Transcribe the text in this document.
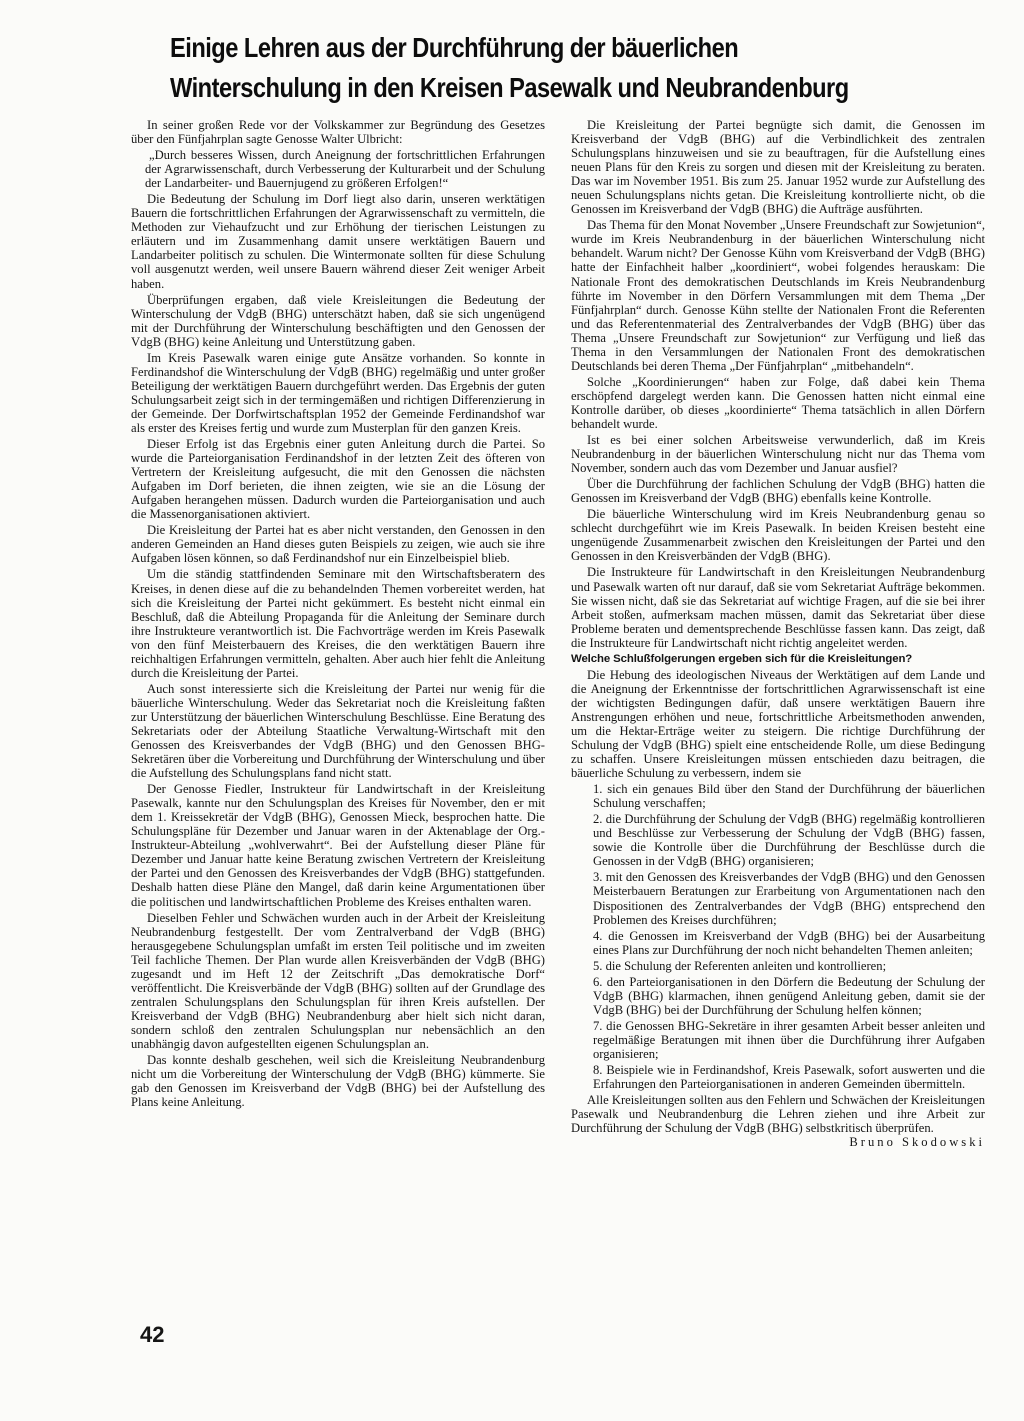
Einige Lehren aus der Durchführung der bäuerlichen
Winterschulung in den Kreisen Pasewalk und Neubrandenburg

In seiner großen Rede vor der Volkskammer zur Begründung des Gesetzes über den Fünfjahrplan sagte Genosse Walter Ulbricht:

„Durch besseres Wissen, durch Aneignung der fortschrittlichen Erfahrungen der Agrarwissenschaft, durch Verbesserung der Kulturarbeit und der Schulung der Landarbeiter- und Bauernjugend zu größeren Erfolgen!“

Die Bedeutung der Schulung im Dorf liegt also darin, unseren werktätigen Bauern die fortschrittlichen Erfahrungen der Agrarwissenschaft zu vermitteln, die Methoden zur Viehaufzucht und zur Erhöhung der tierischen Leistungen zu erläutern und im Zusammenhang damit unsere werktätigen Bauern und Landarbeiter politisch zu schulen. Die Wintermonate sollten für diese Schulung voll ausgenutzt werden, weil unsere Bauern während dieser Zeit weniger Arbeit haben.

Überprüfungen ergaben, daß viele Kreisleitungen die Bedeutung der Winterschulung der VdgB (BHG) unterschätzt haben, daß sie sich ungenügend mit der Durchführung der Winterschulung beschäftigten und den Genossen der VdgB (BHG) keine Anleitung und Unterstützung gaben.

Im Kreis Pasewalk waren einige gute Ansätze vorhanden. So konnte in Ferdinandshof die Winterschulung der VdgB (BHG) regelmäßig und unter großer Beteiligung der werktätigen Bauern durchgeführt werden. Das Ergebnis der guten Schulungsarbeit zeigt sich in der termingemäßen und richtigen Differenzierung in der Gemeinde. Der Dorfwirtschaftsplan 1952 der Gemeinde Ferdinandshof war als erster des Kreises fertig und wurde zum Musterplan für den ganzen Kreis.

Dieser Erfolg ist das Ergebnis einer guten Anleitung durch die Partei. So wurde die Parteiorganisation Ferdinandshof in der letzten Zeit des öfteren von Vertretern der Kreisleitung aufgesucht, die mit den Genossen die nächsten Aufgaben im Dorf berieten, die ihnen zeigten, wie sie an die Lösung der Aufgaben herangehen müssen. Dadurch wurden die Parteiorganisation und auch die Massenorganisationen aktiviert.

Die Kreisleitung der Partei hat es aber nicht verstanden, den Genossen in den anderen Gemeinden an Hand dieses guten Beispiels zu zeigen, wie auch sie ihre Aufgaben lösen können, so daß Ferdinandshof nur ein Einzelbeispiel blieb.

Um die ständig stattfindenden Seminare mit den Wirtschaftsberatern des Kreises, in denen diese auf die zu behandelnden Themen vorbereitet werden, hat sich die Kreisleitung der Partei nicht gekümmert. Es besteht nicht einmal ein Beschluß, daß die Abteilung Propaganda für die Anleitung der Seminare durch ihre Instrukteure verantwortlich ist. Die Fachvorträge werden im Kreis Pasewalk von den fünf Meisterbauern des Kreises, die den werktätigen Bauern ihre reichhaltigen Erfahrungen vermitteln, gehalten. Aber auch hier fehlt die Anleitung durch die Kreisleitung der Partei.

Auch sonst interessierte sich die Kreisleitung der Partei nur wenig für die bäuerliche Winterschulung. Weder das Sekretariat noch die Kreisleitung faßten zur Unterstützung der bäuerlichen Winterschulung Beschlüsse. Eine Beratung des Sekretariats oder der Abteilung Staatliche Verwaltung-Wirtschaft mit den Genossen des Kreisverbandes der VdgB (BHG) und den Genossen BHG-Sekretären über die Vorbereitung und Durchführung der Winterschulung und über die Aufstellung des Schulungsplans fand nicht statt.

Der Genosse Fiedler, Instrukteur für Landwirtschaft in der Kreisleitung Pasewalk, kannte nur den Schulungsplan des Kreises für November, den er mit dem 1. Kreissekretär der VdgB (BHG), Genossen Mieck, besprochen hatte. Die Schulungspläne für Dezember und Januar waren in der Aktenablage der Org.-Instrukteur-Abteilung „wohlverwahrt“. Bei der Aufstellung dieser Pläne für Dezember und Januar hatte keine Beratung zwischen Vertretern der Kreisleitung der Partei und den Genossen des Kreisverbandes der VdgB (BHG) stattgefunden. Deshalb hatten diese Pläne den Mangel, daß darin keine Argumentationen über die politischen und landwirtschaftlichen Probleme des Kreises enthalten waren.

Dieselben Fehler und Schwächen wurden auch in der Arbeit der Kreisleitung Neubrandenburg festgestellt. Der vom Zentralverband der VdgB (BHG) herausgegebene Schulungsplan umfaßt im ersten Teil politische und im zweiten Teil fachliche Themen. Der Plan wurde allen Kreisverbänden der VdgB (BHG) zugesandt und im Heft 12 der Zeitschrift „Das demokratische Dorf“ veröffentlicht. Die Kreisverbände der VdgB (BHG) sollten auf der Grundlage des zentralen Schulungsplans den Schulungsplan für ihren Kreis aufstellen. Der Kreisverband der VdgB (BHG) Neubrandenburg aber hielt sich nicht daran, sondern schloß den zentralen Schulungsplan nur nebensächlich an den unabhängig davon aufgestellten eigenen Schulungsplan an.

Das konnte deshalb geschehen, weil sich die Kreisleitung Neubrandenburg nicht um die Vorbereitung der Winterschulung der VdgB (BHG) kümmerte. Sie gab den Genossen im Kreisverband der VdgB (BHG) bei der Aufstellung des Plans keine Anleitung.

Die Kreisleitung der Partei begnügte sich damit, die Genossen im Kreisverband der VdgB (BHG) auf die Verbindlichkeit des zentralen Schulungsplans hinzuweisen und sie zu beauftragen, für die Aufstellung eines neuen Plans für den Kreis zu sorgen und diesen mit der Kreisleitung zu beraten. Das war im November 1951. Bis zum 25. Januar 1952 wurde zur Aufstellung des neuen Schulungsplans nichts getan. Die Kreisleitung kontrollierte nicht, ob die Genossen im Kreisverband der VdgB (BHG) die Aufträge ausführten.

Das Thema für den Monat November „Unsere Freundschaft zur Sowjetunion“, wurde im Kreis Neubrandenburg in der bäuerlichen Winterschulung nicht behandelt. Warum nicht? Der Genosse Kühn vom Kreisverband der VdgB (BHG) hatte der Einfachheit halber „koordiniert“, wobei folgendes herauskam: Die Nationale Front des demokratischen Deutschlands im Kreis Neubrandenburg führte im November in den Dörfern Versammlungen mit dem Thema „Der Fünfjahrplan“ durch. Genosse Kühn stellte der Nationalen Front die Referenten und das Referentenmaterial des Zentralverbandes der VdgB (BHG) über das Thema „Unsere Freundschaft zur Sowjetunion“ zur Verfügung und ließ das Thema in den Versammlungen der Nationalen Front des demokratischen Deutschlands bei deren Thema „Der Fünfjahrplan“ „mitbehandeln“.

Solche „Koordinierungen“ haben zur Folge, daß dabei kein Thema erschöpfend dargelegt werden kann. Die Genossen hatten nicht einmal eine Kontrolle darüber, ob dieses „koordinierte“ Thema tatsächlich in allen Dörfern behandelt wurde.

Ist es bei einer solchen Arbeitsweise verwunderlich, daß im Kreis Neubrandenburg in der bäuerlichen Winterschulung nicht nur das Thema vom November, sondern auch das vom Dezember und Januar ausfiel?

Über die Durchführung der fachlichen Schulung der VdgB (BHG) hatten die Genossen im Kreisverband der VdgB (BHG) ebenfalls keine Kontrolle.

Die bäuerliche Winterschulung wird im Kreis Neubrandenburg genau so schlecht durchgeführt wie im Kreis Pasewalk. In beiden Kreisen besteht eine ungenügende Zusammenarbeit zwischen den Kreisleitungen der Partei und den Genossen in den Kreisverbänden der VdgB (BHG).

Die Instrukteure für Landwirtschaft in den Kreisleitungen Neubrandenburg und Pasewalk warten oft nur darauf, daß sie vom Sekretariat Aufträge bekommen. Sie wissen nicht, daß sie das Sekretariat auf wichtige Fragen, auf die sie bei ihrer Arbeit stoßen, aufmerksam machen müssen, damit das Sekretariat über diese Probleme beraten und dementsprechende Beschlüsse fassen kann. Das zeigt, daß die Instrukteure für Landwirtschaft nicht richtig angeleitet werden.

Welche Schlußfolgerungen ergeben sich für die Kreisleitungen?

Die Hebung des ideologischen Niveaus der Werktätigen auf dem Lande und die Aneignung der Erkenntnisse der fortschrittlichen Agrarwissenschaft ist eine der wichtigsten Bedingungen dafür, daß unsere werktätigen Bauern ihre Anstrengungen erhöhen und neue, fortschrittliche Arbeitsmethoden anwenden, um die Hektar-Erträge weiter zu steigern. Die richtige Durchführung der Schulung der VdgB (BHG) spielt eine entscheidende Rolle, um diese Bedingung zu schaffen. Unsere Kreisleitungen müssen entschieden dazu beitragen, die bäuerliche Schulung zu verbessern, indem sie

1. sich ein genaues Bild über den Stand der Durchführung der bäuerlichen Schulung verschaffen;

2. die Durchführung der Schulung der VdgB (BHG) regelmäßig kontrollieren und Beschlüsse zur Verbesserung der Schulung der VdgB (BHG) fassen, sowie die Kontrolle über die Durchführung der Beschlüsse durch die Genossen in der VdgB (BHG) organisieren;

3. mit den Genossen des Kreisverbandes der VdgB (BHG) und den Genossen Meisterbauern Beratungen zur Erarbeitung von Argumentationen nach den Dispositionen des Zentralverbandes der VdgB (BHG) entsprechend den Problemen des Kreises durchführen;

4. die Genossen im Kreisverband der VdgB (BHG) bei der Ausarbeitung eines Plans zur Durchführung der noch nicht behandelten Themen anleiten;

5. die Schulung der Referenten anleiten und kontrollieren;

6. den Parteiorganisationen in den Dörfern die Bedeutung der Schulung der VdgB (BHG) klarmachen, ihnen genügend Anleitung geben, damit sie der VdgB (BHG) bei der Durchführung der Schulung helfen können;

7. die Genossen BHG-Sekretäre in ihrer gesamten Arbeit besser anleiten und regelmäßige Beratungen mit ihnen über die Durchführung ihrer Aufgaben organisieren;

8. Beispiele wie in Ferdinandshof, Kreis Pasewalk, sofort auswerten und die Erfahrungen den Parteiorganisationen in anderen Gemeinden übermitteln.

Alle Kreisleitungen sollten aus den Fehlern und Schwächen der Kreisleitungen Pasewalk und Neubrandenburg die Lehren ziehen und ihre Arbeit zur Durchführung der Schulung der VdgB (BHG) selbstkritisch überprüfen.
Bruno Skodowski

42
